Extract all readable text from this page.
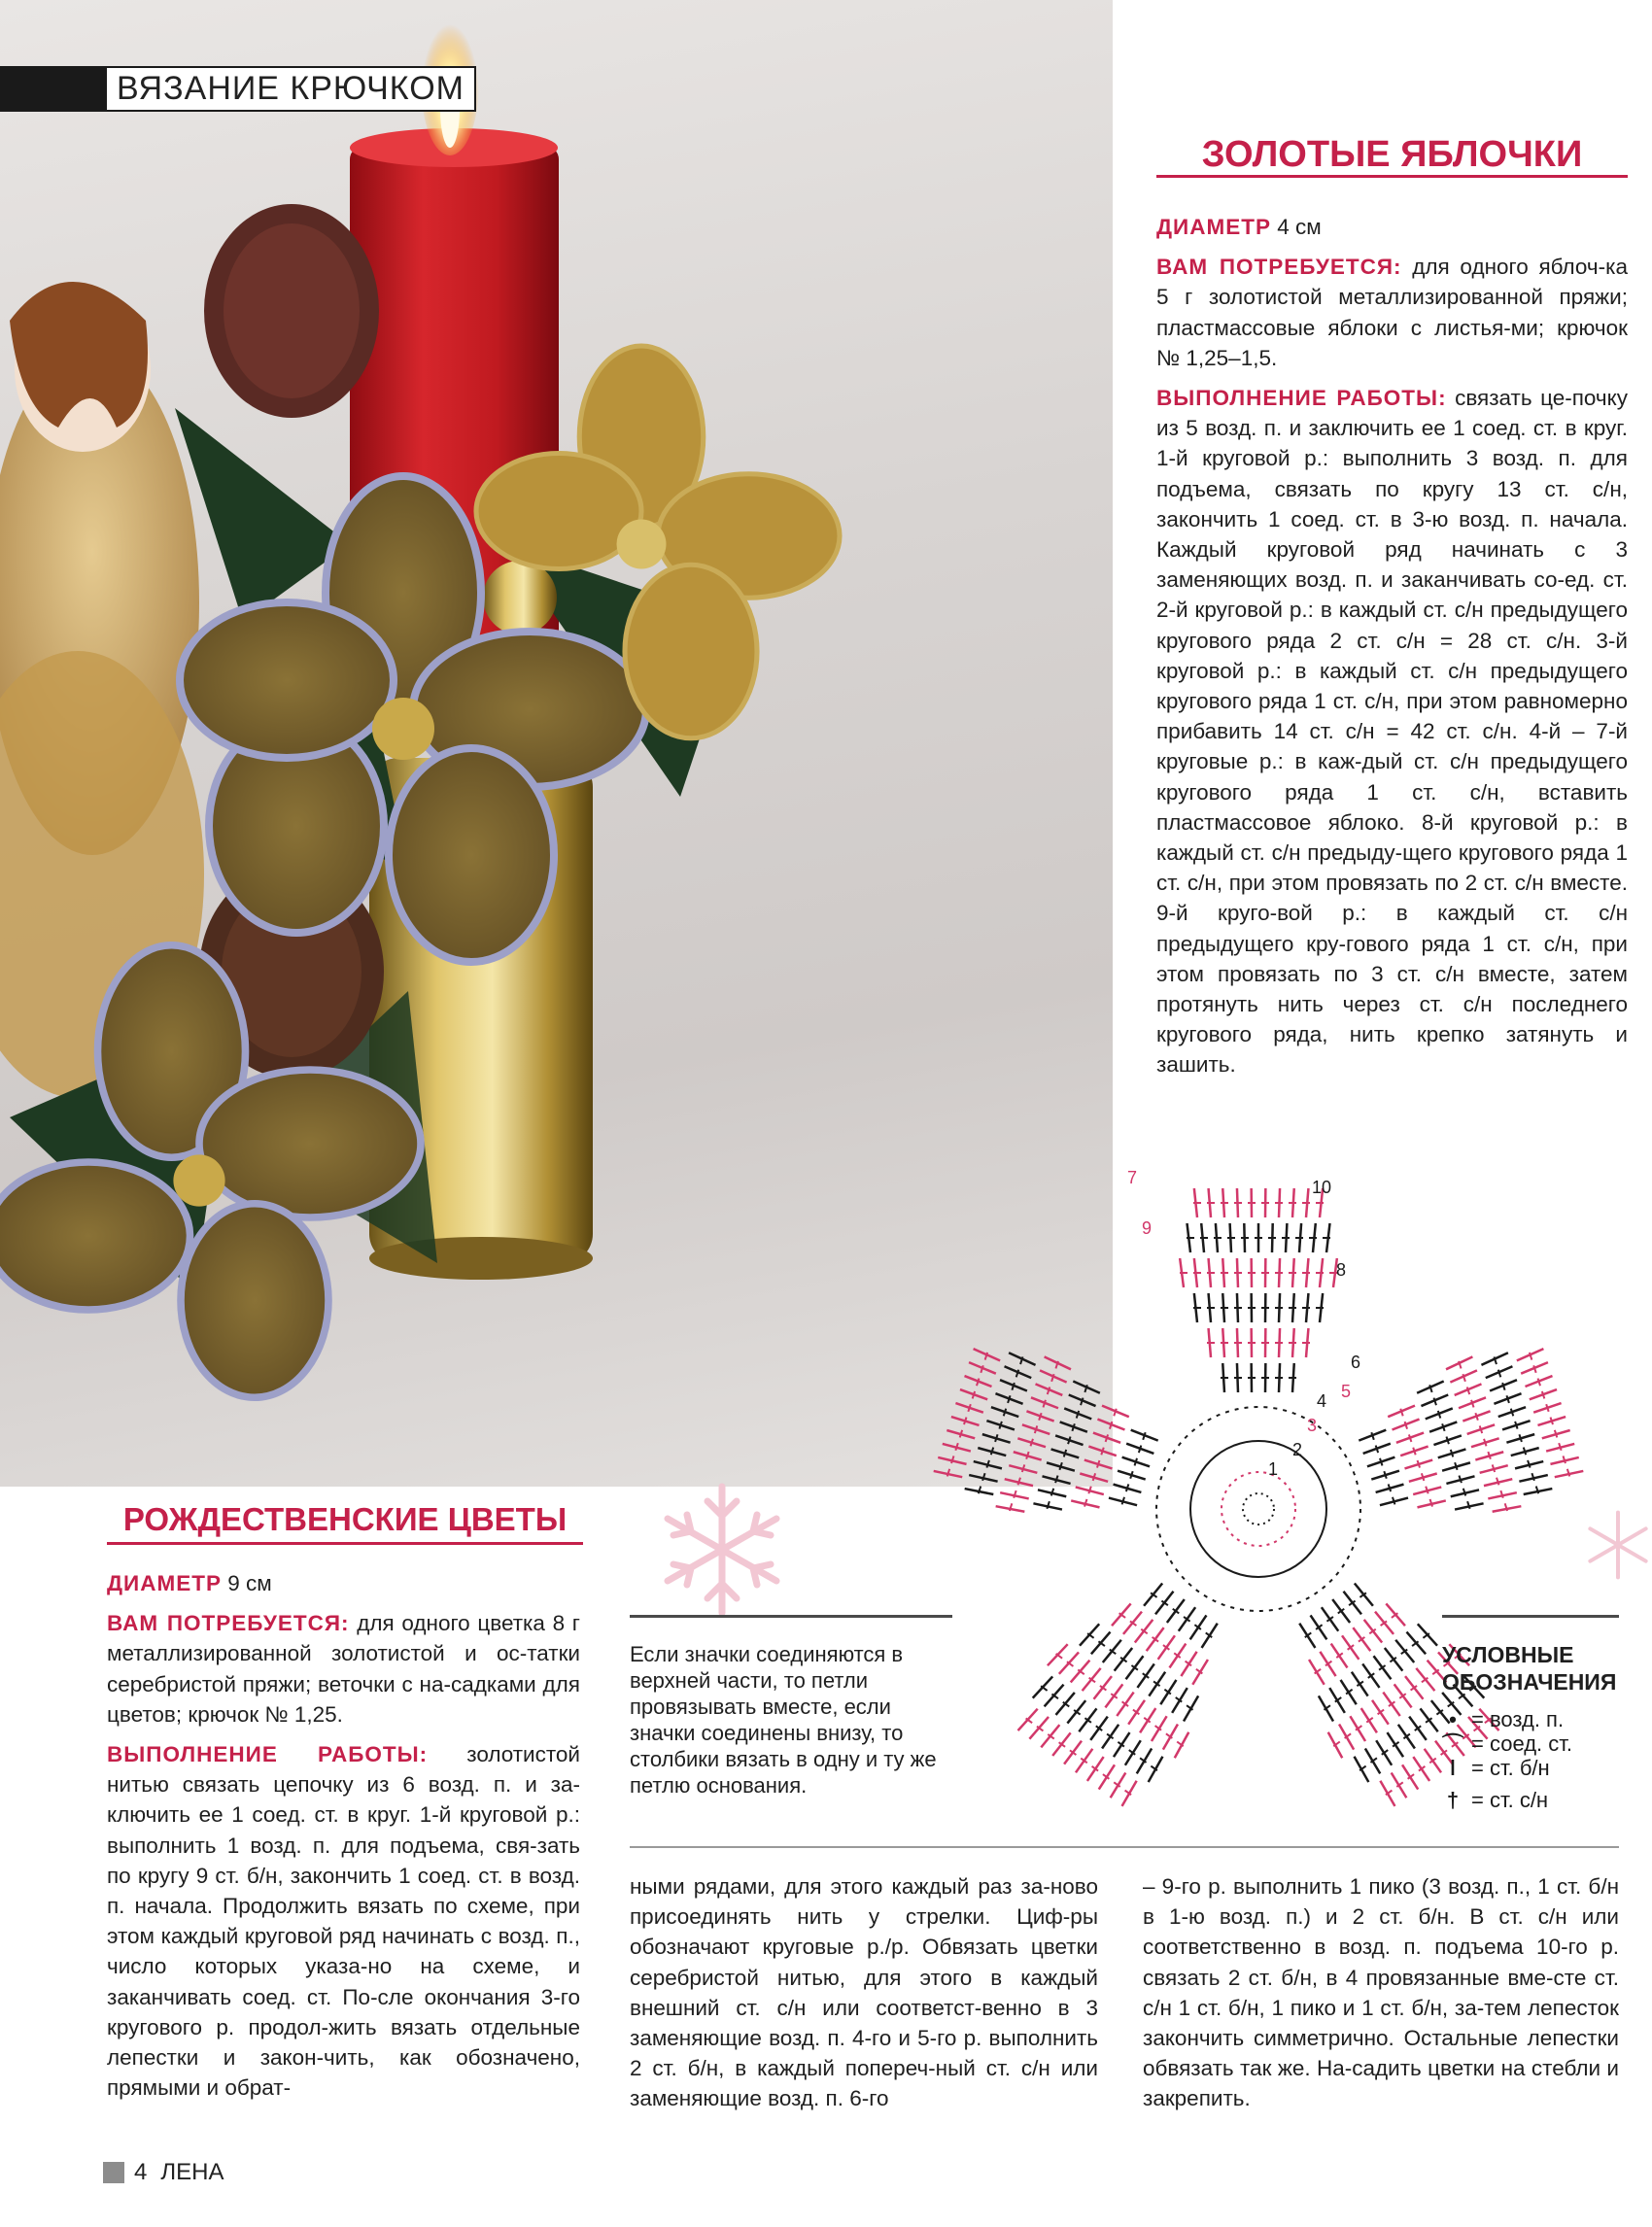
ВЯЗАНИЕ КРЮЧКОМ
ЗОЛОТЫЕ ЯБЛОЧКИ

ДИАМЕТР 4 см

ВАМ ПОТРЕБУЕТСЯ: для одного яблоч-ка 5 г золотистой металлизированной пряжи; пластмассовые яблоки с листья-ми; крючок № 1,25–1,5.

ВЫПОЛНЕНИЕ РАБОТЫ: связать це-почку из 5 возд. п. и заключить ее 1 соед. ст. в круг. 1-й круговой р.: выполнить 3 возд. п. для подъема, связать по кругу 13 ст. с/н, закончить 1 соед. ст. в 3-ю возд. п. начала. Каждый круговой ряд начинать с 3 заменяющих возд. п. и заканчивать со-ед. ст. 2-й круговой р.: в каждый ст. с/н предыдущего кругового ряда 2 ст. с/н = 28 ст. с/н. 3-й круговой р.: в каждый ст. с/н предыдущего кругового ряда 1 ст. с/н, при этом равномерно прибавить 14 ст. с/н = 42 ст. с/н. 4-й – 7-й круговые р.: в каж-дый ст. с/н предыдущего кругового ряда 1 ст. с/н, вставить пластмассовое яблоко. 8-й круговой р.: в каждый ст. с/н предыду-щего кругового ряда 1 ст. с/н, при этом провязать по 2 ст. с/н вместе. 9-й круго-вой р.: в каждый ст. с/н предыдущего кру-гового ряда 1 ст. с/н, при этом провязать по 3 ст. с/н вместе, затем протянуть нить через ст. с/н последнего кругового ряда, нить крепко затянуть и зашить.

РОЖДЕСТВЕНСКИЕ ЦВЕТЫ

ДИАМЕТР 9 см

ВАМ ПОТРЕБУЕТСЯ: для одного цветка 8 г металлизированной золотистой и ос-татки серебристой пряжи; веточки с на-садками для цветов; крючок № 1,25.

ВЫПОЛНЕНИЕ РАБОТЫ: золотистой нитью связать цепочку из 6 возд. п. и за-ключить ее 1 соед. ст. в круг. 1-й круговой р.: выполнить 1 возд. п. для подъема, свя-зать по кругу 9 ст. б/н, закончить 1 соед. ст. в возд. п. начала. Продолжить вязать по схеме, при этом каждый круговой ряд начинать с возд. п., число которых указа-но на схеме, и заканчивать соед. ст. По-сле окончания 3-го кругового р. продол-жить вязать отдельные лепестки и закон-чить, как обозначено, прямыми и обрат-

ными рядами, для этого каждый раз за-ново присоединять нить у стрелки. Циф-ры обозначают круговые р./р. Обвязать цветки серебристой нитью, для этого в каждый внешний ст. с/н или соответст-венно в 3 заменяющие возд. п. 4-го и 5-го р. выполнить 2 ст. б/н, в каждый попереч-ный ст. с/н или заменяющие возд. п. 6-го

– 9-го р. выполнить 1 пико (3 возд. п., 1 ст. б/н в 1-ю возд. п.) и 2 ст. б/н. В ст. с/н или соответственно в возд. п. подъема 10-го р. связать 2 ст. б/н, в 4 провязанные вме-сте ст. с/н 1 ст. б/н, 1 пико и 1 ст. б/н, за-тем лепесток закончить симметрично. Остальные лепестки обвязать так же. На-садить цветки на стебли и закрепить.

1
2
3
4 5
6
7
8
9
10
Если значки соединяются в верхней части, то петли провязывать вместе, если значки соединены внизу, то столбики вязать в одну и ту же петлю основания.
УСЛОВНЫЕ ОБОЗНАЧЕНИЯ
• = возд. п.
⌒ = соед. ст.
ǀ = ст. б/н
† = ст. с/н
4 ЛЕНА
